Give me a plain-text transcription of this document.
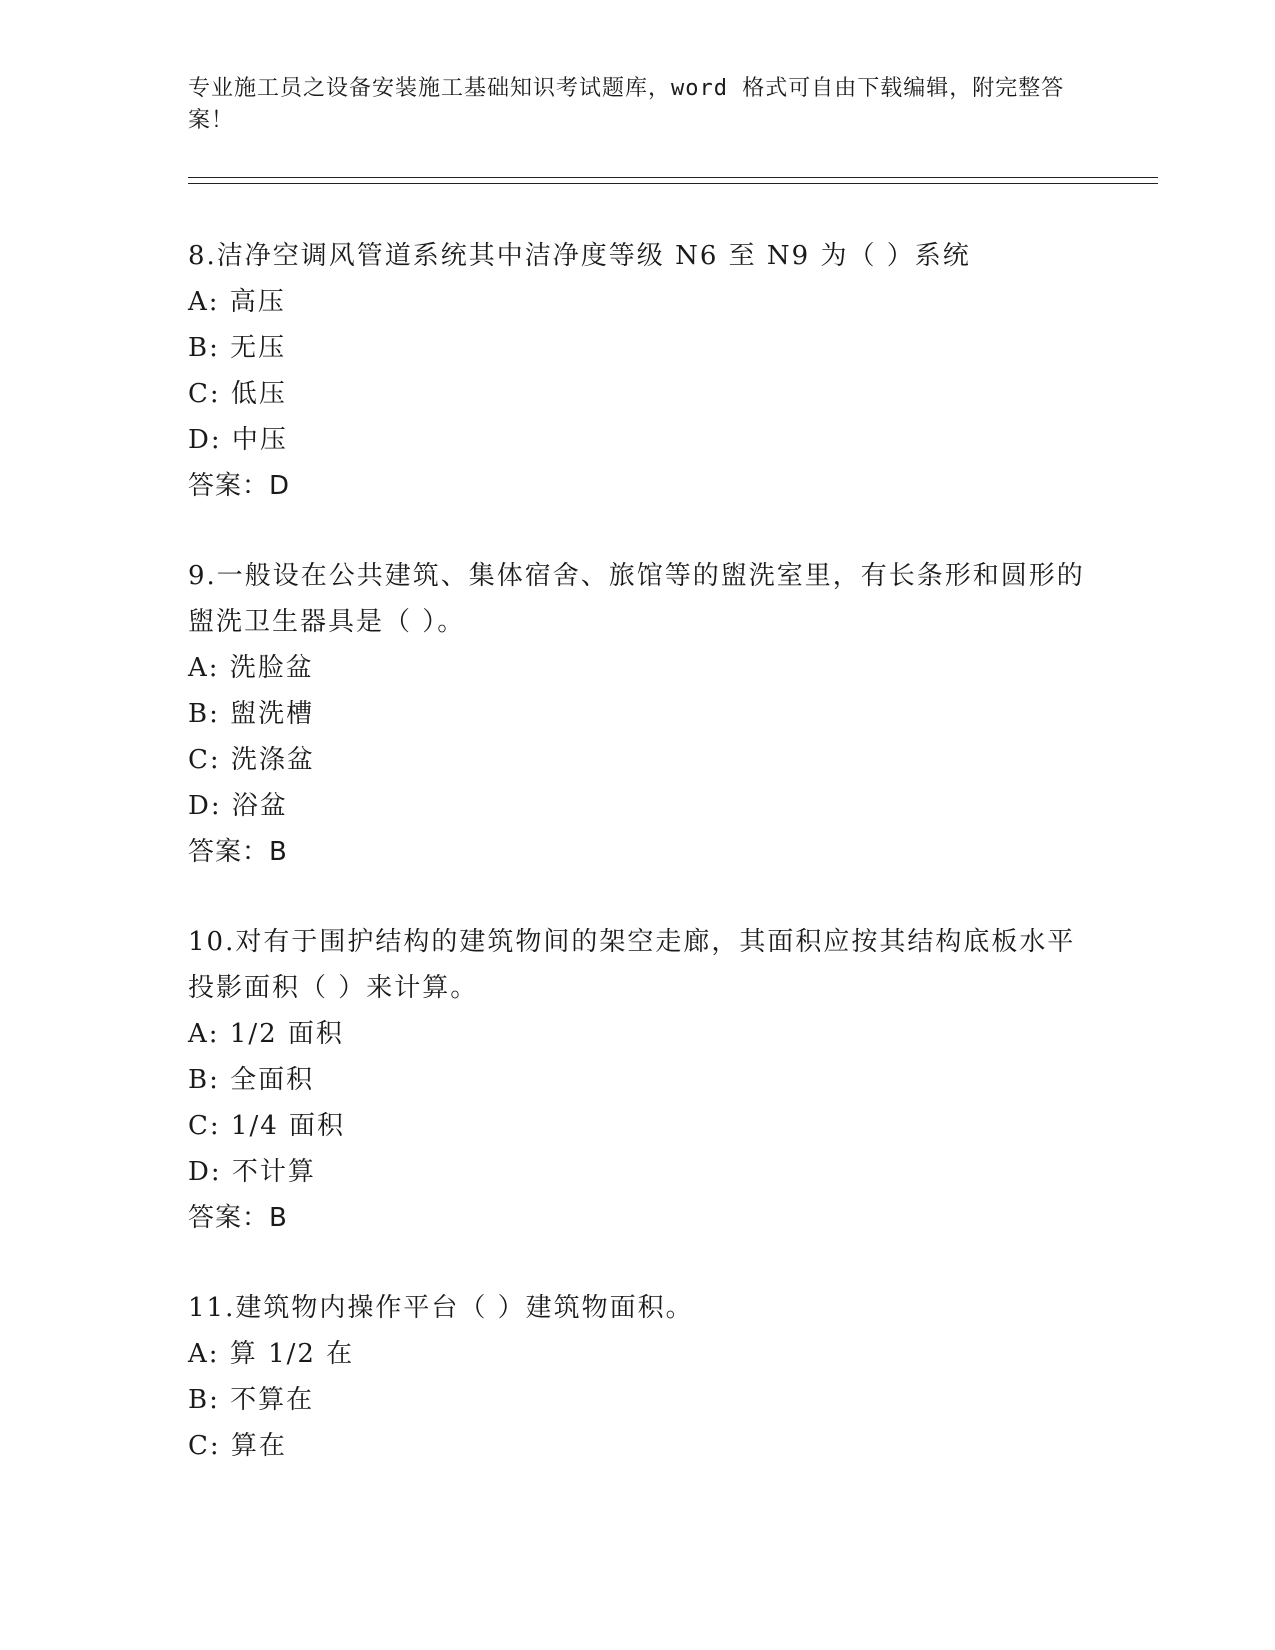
专业施工员之设备安装施工基础知识考试题库，word 格式可自由下载编辑，附完整答案！

8.洁净空调风管道系统其中洁净度等级 N6 至 N9 为（ ）系统

A: 高压

B: 无压

C: 低压

D: 中压

答案：D

9.一般设在公共建筑、集体宿舍、旅馆等的盥洗室里，有长条形和圆形的盥洗卫生器具是（ ）。

A: 洗脸盆

B: 盥洗槽

C: 洗涤盆

D: 浴盆

答案：B

10.对有于围护结构的建筑物间的架空走廊，其面积应按其结构底板水平投影面积（ ）来计算。

A: 1/2 面积

B: 全面积

C: 1/4 面积

D: 不计算

答案：B

11.建筑物内操作平台（ ）建筑物面积。

A: 算 1/2 在

B: 不算在

C: 算在
